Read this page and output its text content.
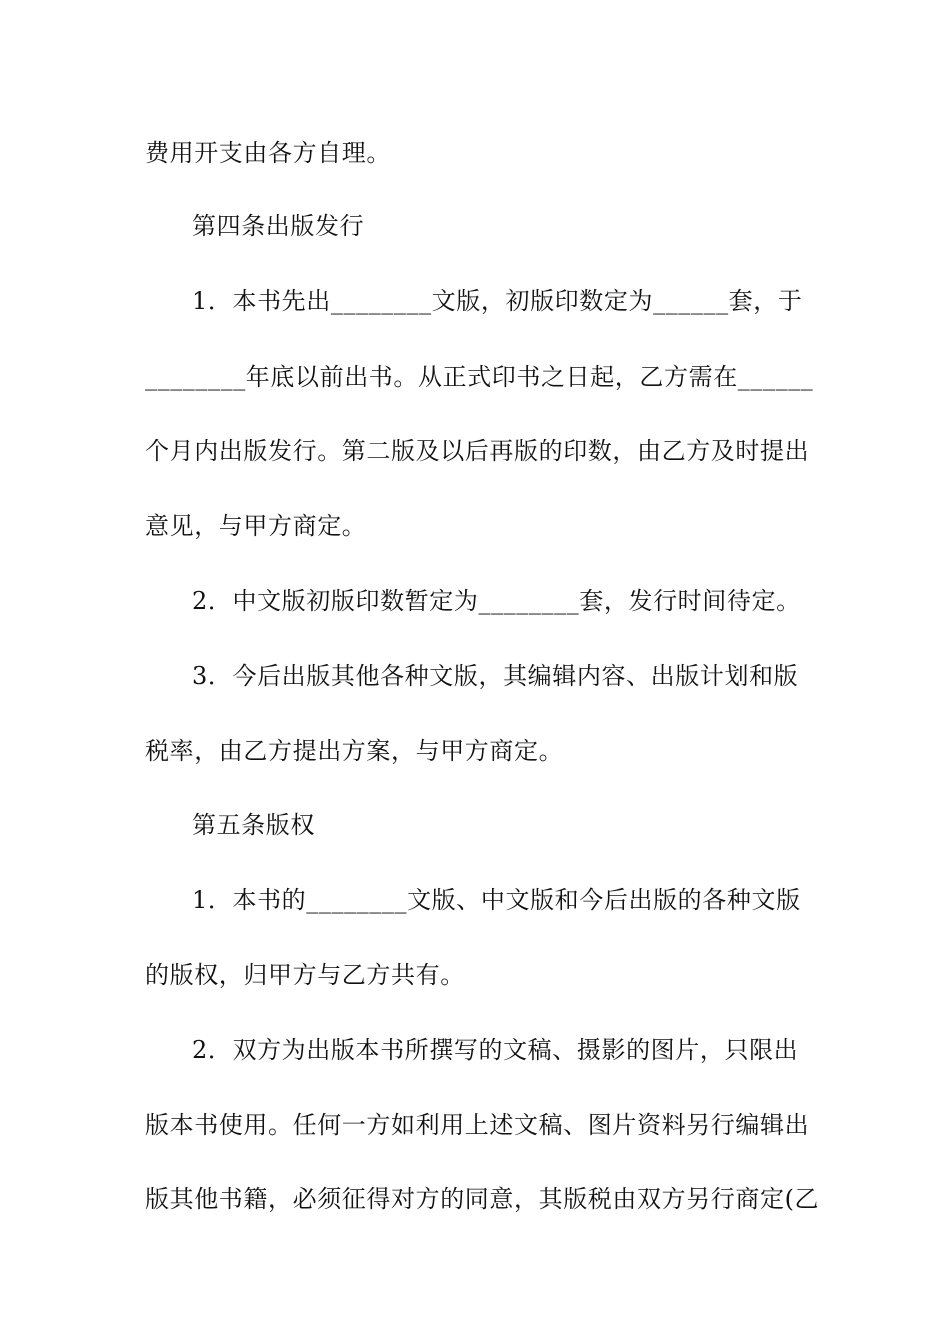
费用开支由各方自理。
第四条出版发行
1．本书先出________文版，初版印数定为______套，于
________年底以前出书。从正式印书之日起，乙方需在______
个月内出版发行。第二版及以后再版的印数，由乙方及时提出
意见，与甲方商定。
2．中文版初版印数暂定为________套，发行时间待定。
3．今后出版其他各种文版，其编辑内容、出版计划和版
税率，由乙方提出方案，与甲方商定。
第五条版权
1．本书的________文版、中文版和今后出版的各种文版
的版权，归甲方与乙方共有。
2．双方为出版本书所撰写的文稿、摄影的图片，只限出
版本书使用。任何一方如利用上述文稿、图片资料另行编辑出
版其他书籍，必须征得对方的同意，其版税由双方另行商定(乙
